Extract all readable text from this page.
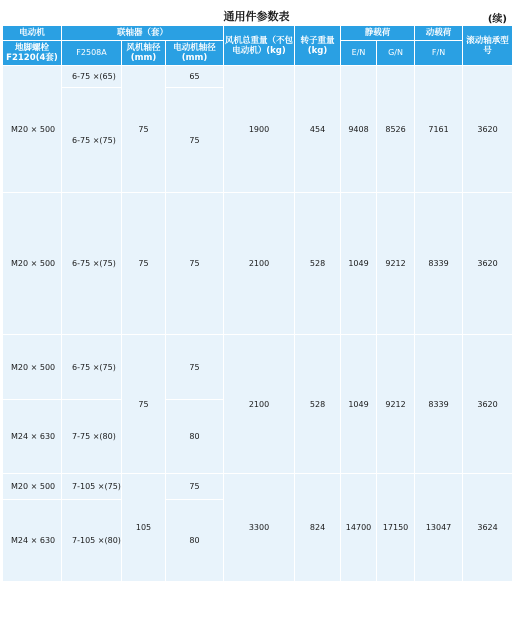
通用件参数表	(续)
电动机	联轴器（套）			风机总重量（不包电动机）(kg)	转子重量(kg)	静载荷		动载荷	滚动轴承型号
地脚螺栓F2120(4套)	F2508A	风机轴径(mm)	电动机轴径(mm)			E/N	G/N	F/N	
M20 × 500	6-75 ×(65)	75	65	1900	454	9408	8526	7161	3620
	6-75 ×(75)		75						
M20 × 500	6-75 ×(75)	75	75	2100	528	1049	9212	8339	3620
M20 × 500	6-75 ×(75)	75	75	2100	528	1049	9212	8339	3620
M24 × 630	7-75 ×(80)		80						
M20 × 500	7-105 ×(75)	105	75	3300	824	14700	17150	13047	3624
M24 × 630	7-105 ×(80)		80						
